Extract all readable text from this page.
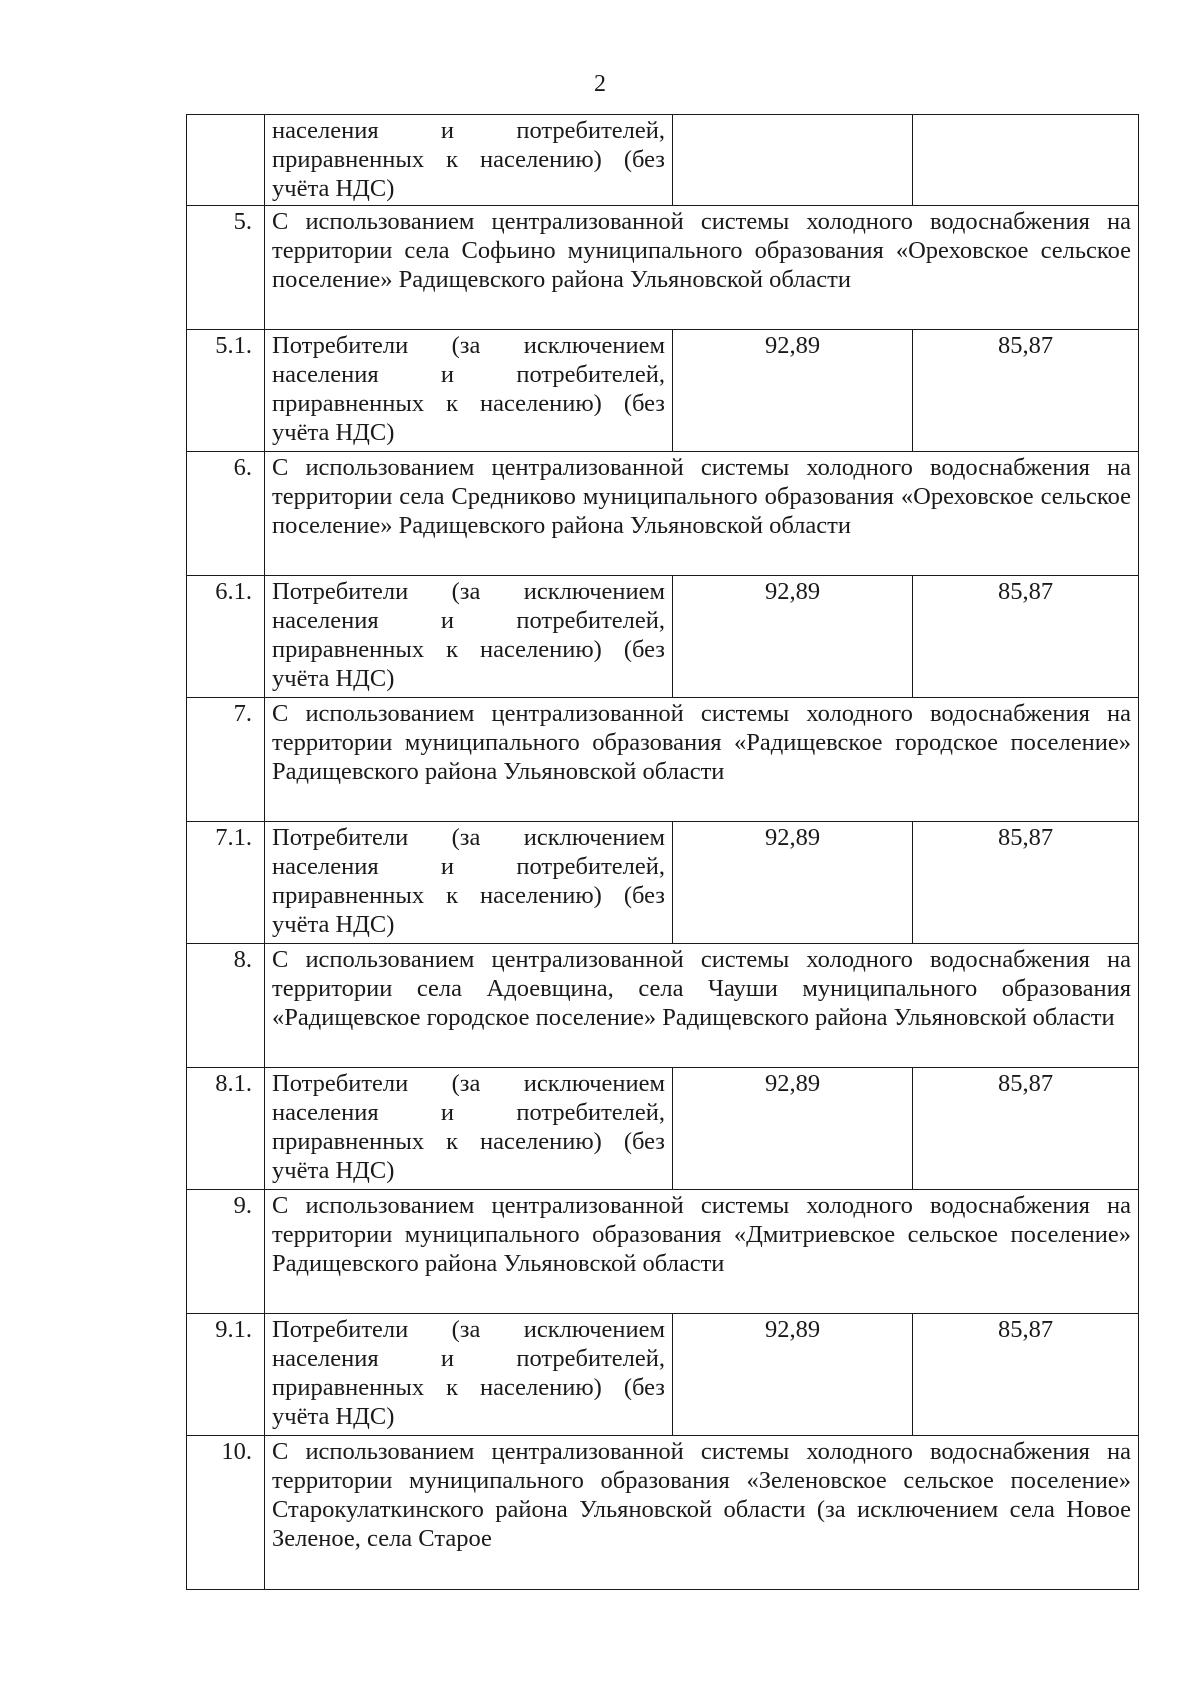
2
	населения и потребителей, приравненных к населению) (без учёта НДС)		
5.	С использованием централизованной системы холодного водоснабжения на территории села Софьино муниципального образования «Ореховское сельское поселение» Радищевского района Ульяновской области		
5.1.	Потребители (за исключением населения и потребителей, приравненных к населению) (без учёта НДС)	92,89	85,87
6.	С использованием централизованной системы холодного водоснабжения на территории села Средниково муниципального образования «Ореховское сельское поселение» Радищевского района Ульяновской области		
6.1.	Потребители (за исключением населения и потребителей, приравненных к населению) (без учёта НДС)	92,89	85,87
7.	С использованием централизованной системы холодного водоснабжения на территории муниципального образования «Радищевское городское поселение» Радищевского района Ульяновской области		
7.1.	Потребители (за исключением населения и потребителей, приравненных к населению) (без учёта НДС)	92,89	85,87
8.	С использованием централизованной системы холодного водоснабжения на территории села Адоевщина, села Чауши муниципального образования «Радищевское городское поселение» Радищевского района Ульяновской области		
8.1.	Потребители (за исключением населения и потребителей, приравненных к населению) (без учёта НДС)	92,89	85,87
9.	С использованием централизованной системы холодного водоснабжения на территории муниципального образования «Дмитриевское сельское поселение» Радищевского района Ульяновской области		
9.1.	Потребители (за исключением населения и потребителей, приравненных к населению) (без учёта НДС)	92,89	85,87
10.	С использованием централизованной системы холодного водоснабжения на территории муниципального образования «Зеленовское сельское поселение» Старокулаткинского района Ульяновской области (за исключением села Новое Зеленое, села Старое		
